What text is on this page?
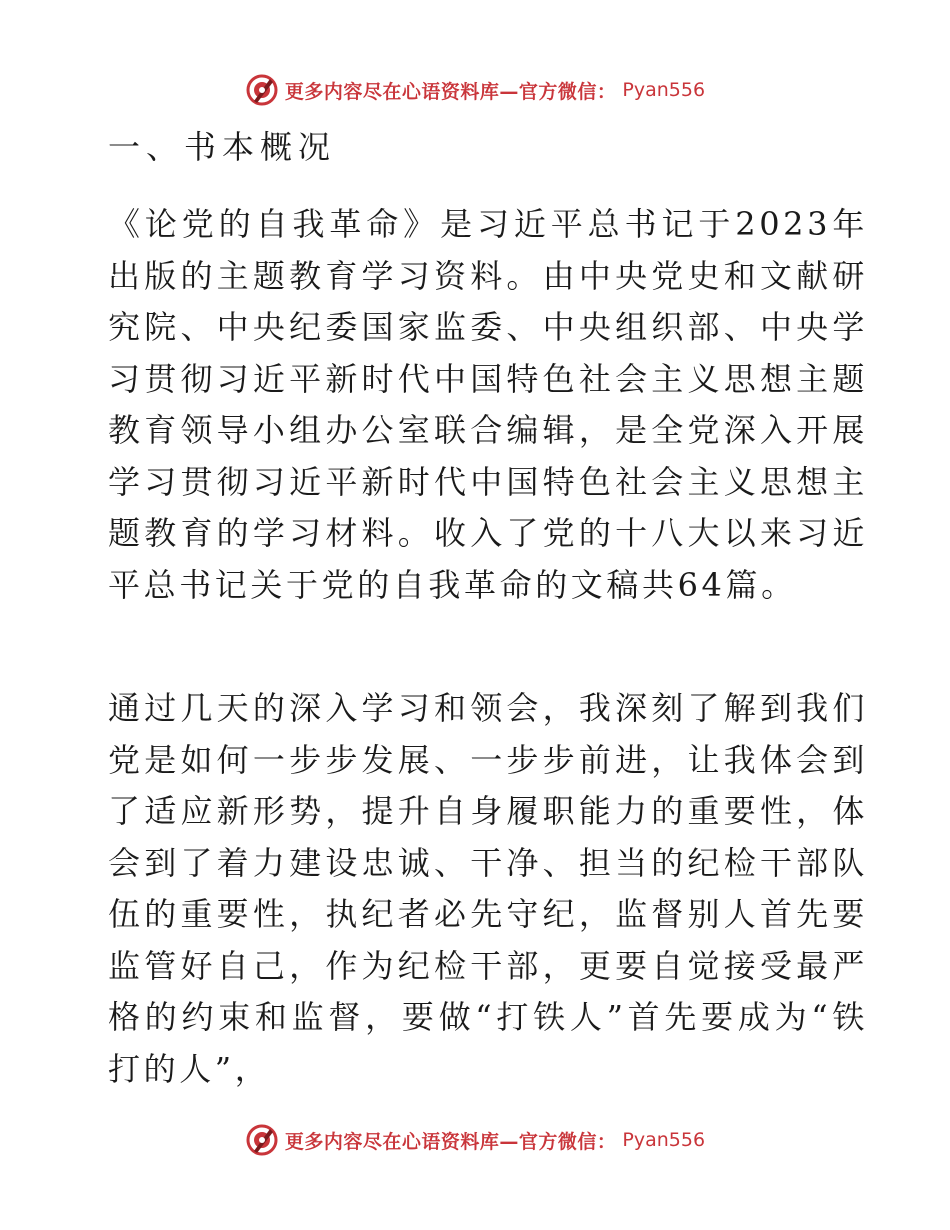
更多内容尽在心语资料库—官方微信： Pyan556
一、书本概况

《论党的自我革命》是习近平总书记于2023年出版的主题教育学习资料。由中央党史和文献研究院、中央纪委国家监委、中央组织部、中央学习贯彻习近平新时代中国特色社会主义思想主题教育领导小组办公室联合编辑，是全党深入开展学习贯彻习近平新时代中国特色社会主义思想主题教育的学习材料。收入了党的十八大以来习近平总书记关于党的自我革命的文稿共64篇。

通过几天的深入学习和领会，我深刻了解到我们党是如何一步步发展、一步步前进，让我体会到了适应新形势，提升自身履职能力的重要性，体会到了着力建设忠诚、干净、担当的纪检干部队伍的重要性，执纪者必先守纪，监督别人首先要监管好自己，作为纪检干部，更要自觉接受最严格的约束和监督，要做“打铁人”首先要成为“铁打的人”，

更多内容尽在心语资料库—官方微信： Pyan556
